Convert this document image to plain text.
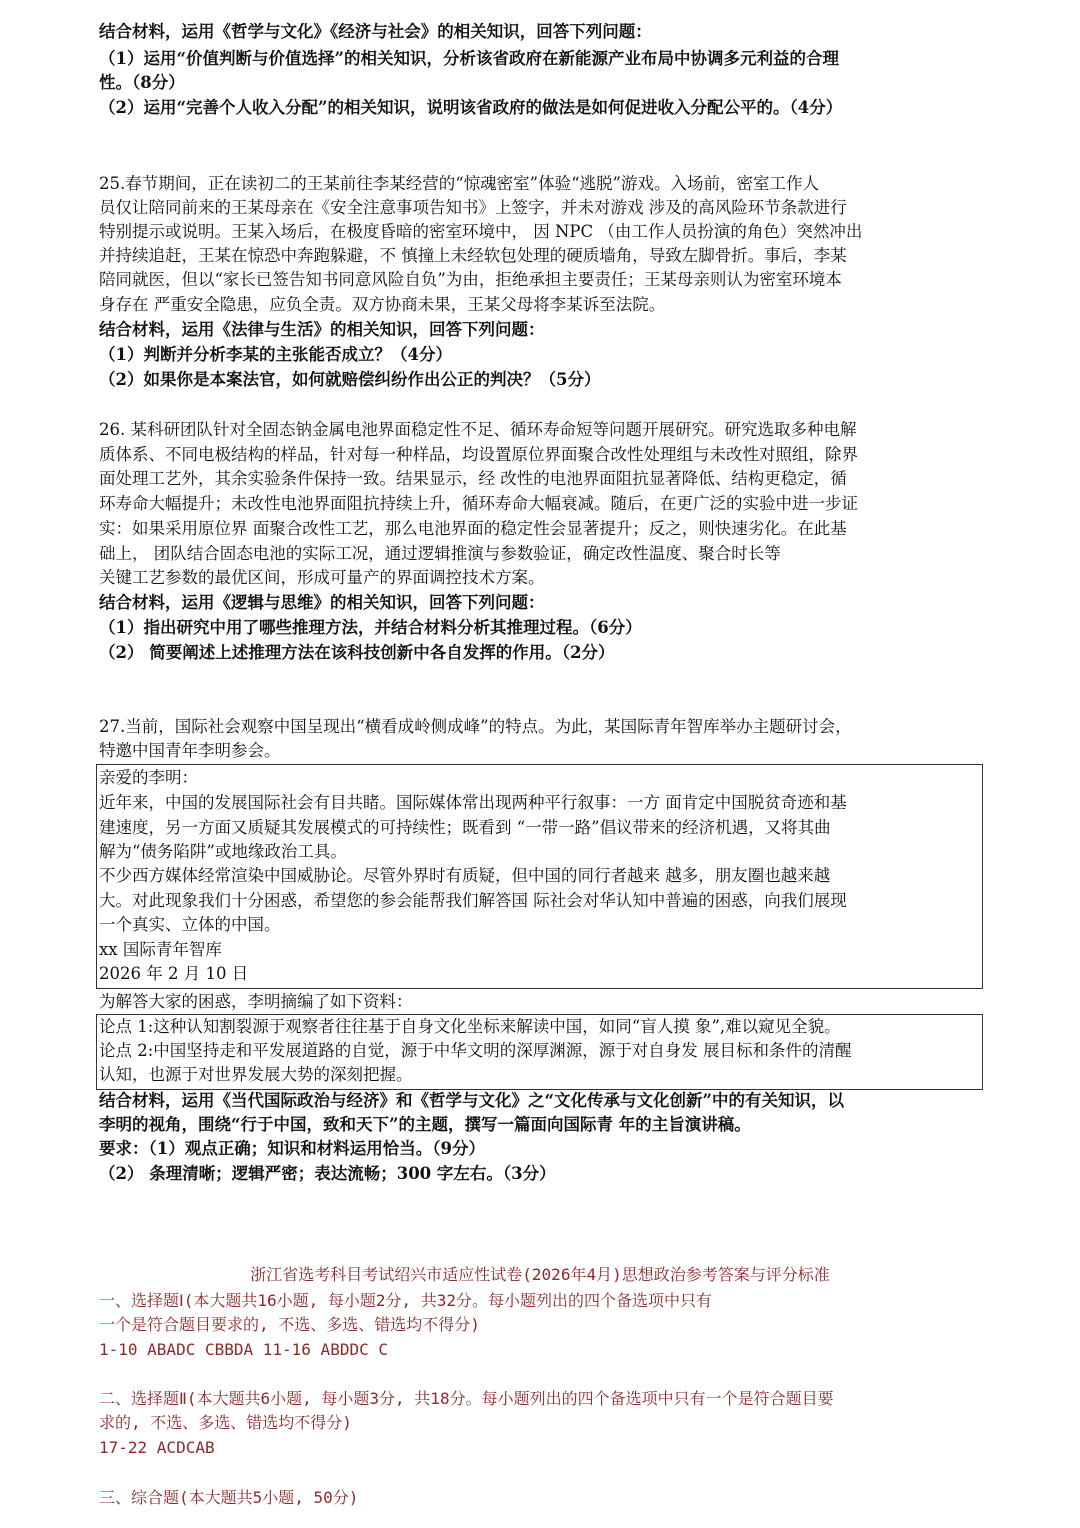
结合材料，运用《哲学与文化》《经济与社会》的相关知识，回答下列问题：
（1）运用“价值判断与价值选择”的相关知识，分析该省政府在新能源产业布局中协调多元利益的合理
性。（8分）
（2）运用“完善个人收入分配”的相关知识，说明该省政府的做法是如何促进收入分配公平的。（4分）
25.春节期间，正在读初二的王某前往李某经营的“惊魂密室”体验“逃脱”游戏。入场前，密室工作人
员仅让陪同前来的王某母亲在《安全注意事项告知书》上签字，并未对游戏 涉及的高风险环节条款进行
特别提示或说明。王某入场后，在极度昏暗的密室环境中， 因 NPC （由工作人员扮演的角色）突然冲出
并持续追赶，王某在惊恐中奔跑躲避，不 慎撞上未经软包处理的硬质墙角，导致左脚骨折。事后，李某
陪同就医，但以“家长已签告知书同意风险自负”为由，拒绝承担主要责任；王某母亲则认为密室环境本
身存在 严重安全隐患，应负全责。双方协商未果，王某父母将李某诉至法院。
结合材料，运用《法律与生活》的相关知识，回答下列问题：
（1）判断并分析李某的主张能否成立？（4分）
（2）如果你是本案法官，如何就赔偿纠纷作出公正的判决？（5分）
26. 某科研团队针对全固态钠金属电池界面稳定性不足、循环寿命短等问题开展研究。研究选取多种电解
质体系、不同电极结构的样品，针对每一种样品，均设置原位界面聚合改性处理组与未改性对照组，除界
面处理工艺外，其余实验条件保持一致。结果显示，经 改性的电池界面阻抗显著降低、结构更稳定，循
环寿命大幅提升；未改性电池界面阻抗持续上升，循环寿命大幅衰减。随后，在更广泛的实验中进一步证
实：如果采用原位界 面聚合改性工艺，那么电池界面的稳定性会显著提升；反之，则快速劣化。在此基
础上， 团队结合固态电池的实际工况，通过逻辑推演与参数验证，确定改性温度、聚合时长等
关键工艺参数的最优区间，形成可量产的界面调控技术方案。
结合材料，运用《逻辑与思维》的相关知识，回答下列问题：
（1）指出研究中用了哪些推理方法，并结合材料分析其推理过程。（6分）
（2） 简要阐述上述推理方法在该科技创新中各自发挥的作用。（2分）
27.当前，国际社会观察中国呈现出“横看成岭侧成峰”的特点。为此，某国际青年智库举办主题研讨会，
特邀中国青年李明参会。
亲爱的李明：
近年来，中国的发展国际社会有目共睹。国际媒体常出现两种平行叙事：一方 面肯定中国脱贫奇迹和基
建速度，另一方面又质疑其发展模式的可持续性；既看到 “一带一路”倡议带来的经济机遇，又将其曲
解为“债务陷阱”或地缘政治工具。
不少西方媒体经常渲染中国威胁论。尽管外界时有质疑，但中国的同行者越来 越多，朋友圈也越来越
大。对此现象我们十分困惑，希望您的参会能帮我们解答国 际社会对华认知中普遍的困惑，向我们展现
一个真实、立体的中国。
xx 国际青年智库
2026 年 2 月 10 日
为解答大家的困惑，李明摘编了如下资料：
论点 1:这种认知割裂源于观察者往往基于自身文化坐标来解读中国，如同“盲人摸 象”,难以窥见全貌。
论点 2:中国坚持走和平发展道路的自觉，源于中华文明的深厚渊源，源于对自身发 展目标和条件的清醒
认知，也源于对世界发展大势的深刻把握。
结合材料，运用《当代国际政治与经济》和《哲学与文化》之“文化传承与文化创新”中的有关知识，以
李明的视角，围绕“行于中国，致和天下”的主题，撰写一篇面向国际青 年的主旨演讲稿。
要求：（1）观点正确；知识和材料运用恰当。（9分）
（2） 条理清晰；逻辑严密；表达流畅；300 字左右。（3分）
浙江省选考科目考试绍兴市适应性试卷(2026年4月)思想政治参考答案与评分标准
一、选择题Ⅰ(本大题共16小题, 每小题2分, 共32分。每小题列出的四个备选项中只有
一个是符合题目要求的, 不选、多选、错选均不得分)
1-10 ABADC CBBDA 11-16 ABDDC C
二、选择题Ⅱ(本大题共6小题, 每小题3分, 共18分。每小题列出的四个备选项中只有一个是符合题目要
求的, 不选、多选、错选均不得分)
17-22 ACDCAB
三、综合题(本大题共5小题, 50分)
